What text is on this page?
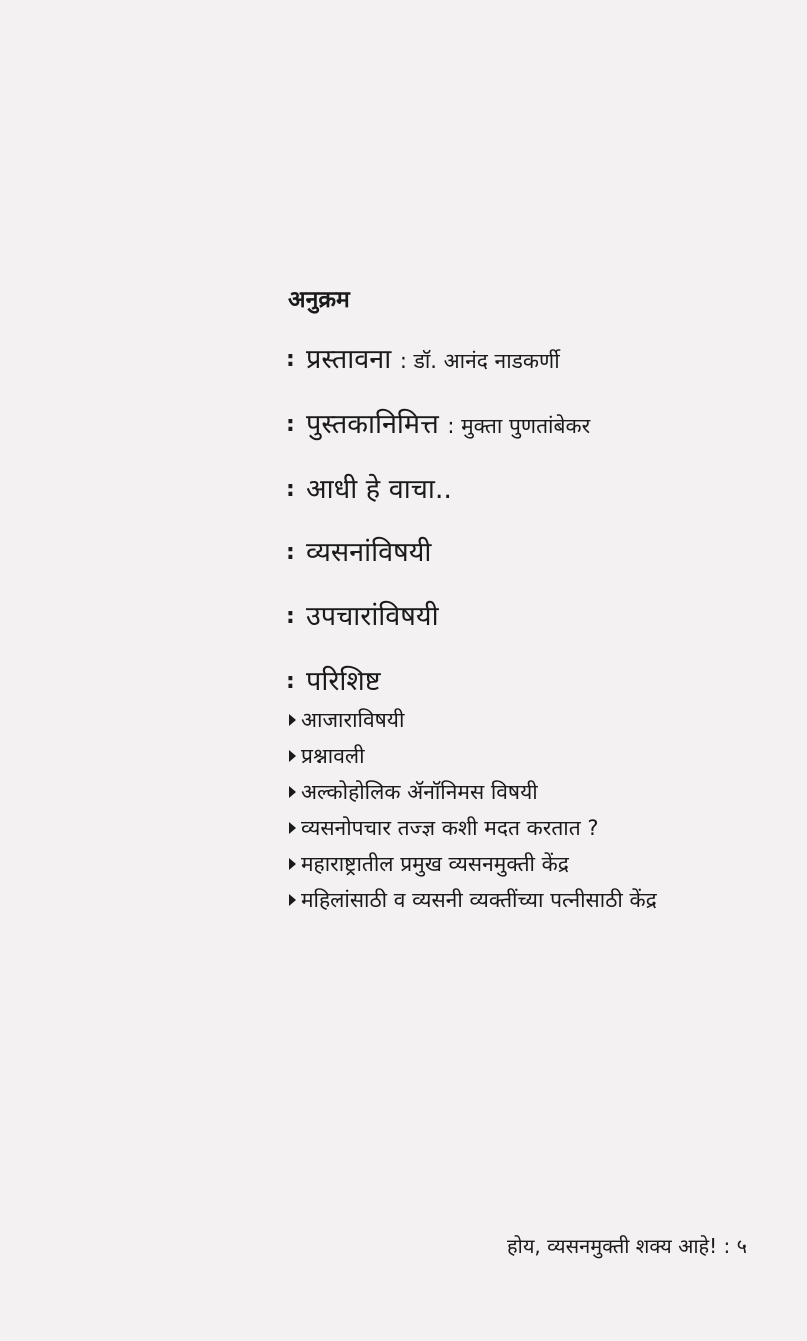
अनुक्रम
: प्रस्तावना : डॉ. आनंद नाडकर्णी
: पुस्तकानिमित्त : मुक्ता पुणतांबेकर
: आधी हे वाचा..
: व्यसनांविषयी
: उपचारांविषयी
: परिशिष्ट
आजाराविषयी
प्रश्नावली
अल्कोहोलिक ॲनॉनिमस विषयी
व्यसनोपचार तज्ज्ञ कशी मदत करतात ?
महाराष्ट्रातील प्रमुख व्यसनमुक्ती केंद्र
महिलांसाठी व व्यसनी व्यक्तींच्या पत्नीसाठी केंद्र
होय, व्यसनमुक्ती शक्य आहे! : ५
